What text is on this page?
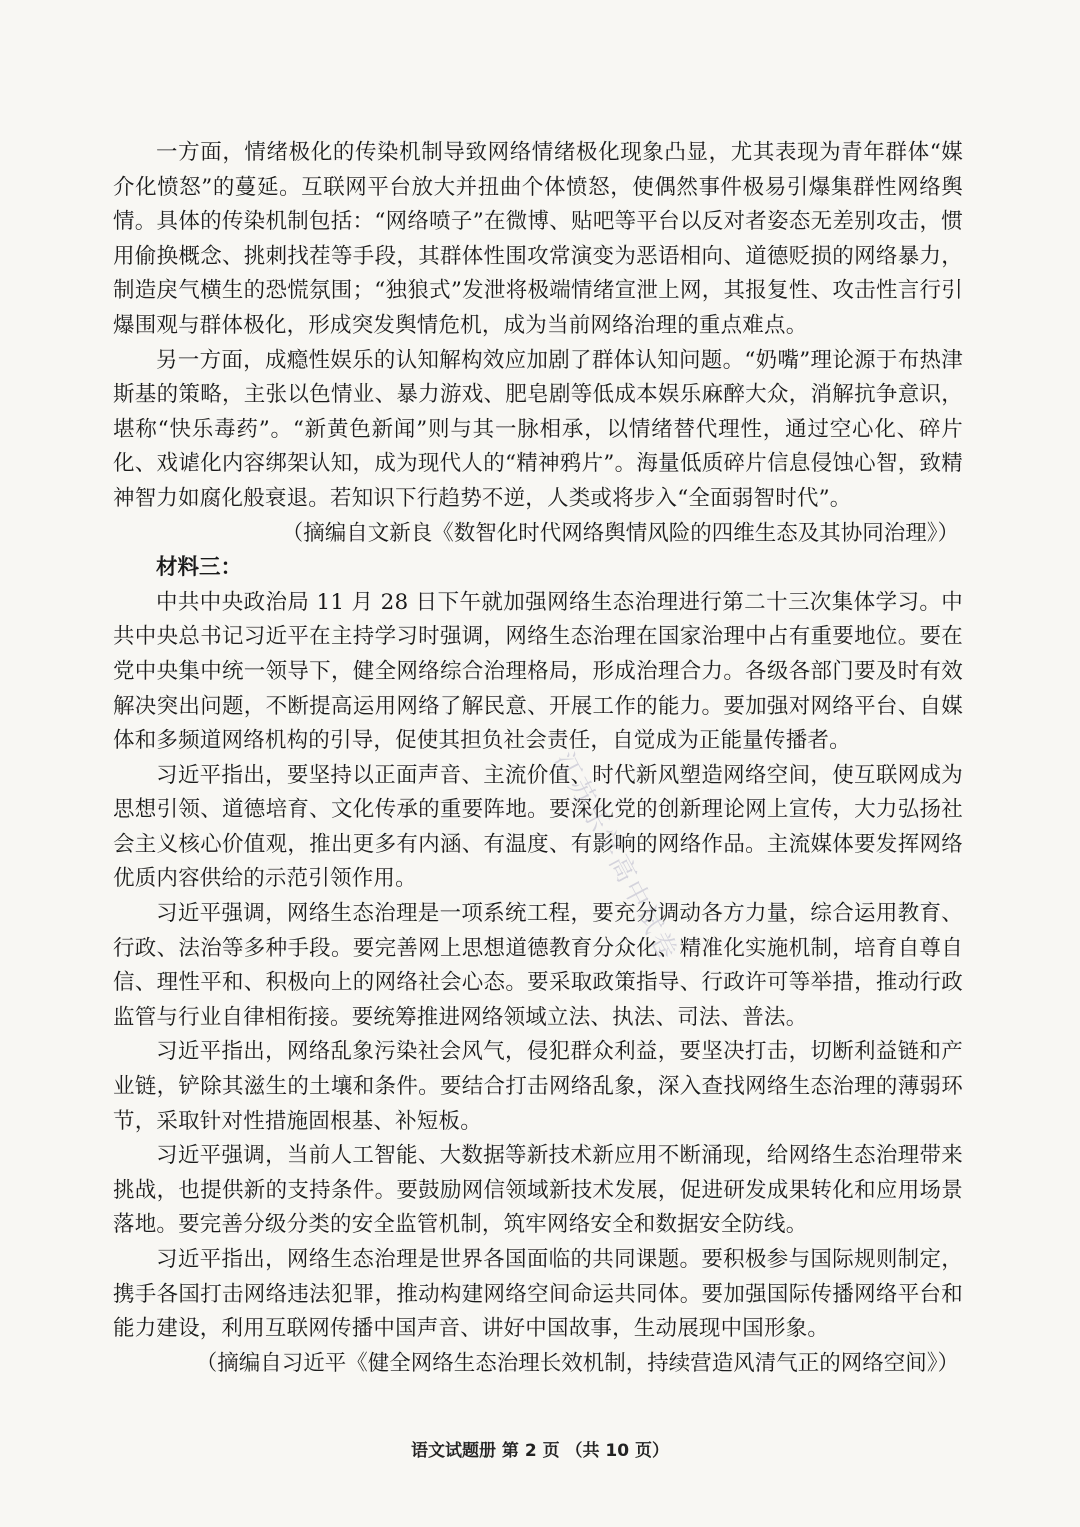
一方面，情绪极化的传染机制导致网络情绪极化现象凸显，尤其表现为青年群体“媒介化愤怒”的蔓延。互联网平台放大并扭曲个体愤怒，使偶然事件极易引爆集群性网络舆情。具体的传染机制包括：“网络喷子”在微博、贴吧等平台以反对者姿态无差别攻击，惯用偷换概念、挑刺找茬等手段，其群体性围攻常演变为恶语相向、道德贬损的网络暴力，制造戾气横生的恐慌氛围；“独狼式”发泄将极端情绪宣泄上网，其报复性、攻击性言行引爆围观与群体极化，形成突发舆情危机，成为当前网络治理的重点难点。

另一方面，成瘾性娱乐的认知解构效应加剧了群体认知问题。“奶嘴”理论源于布热津斯基的策略，主张以色情业、暴力游戏、肥皂剧等低成本娱乐麻醉大众，消解抗争意识，堪称“快乐毒药”。“新黄色新闻”则与其一脉相承，以情绪替代理性，通过空心化、碎片化、戏谑化内容绑架认知，成为现代人的“精神鸦片”。海量低质碎片信息侵蚀心智，致精神智力如腐化般衰退。若知识下行趋势不逆，人类或将步入“全面弱智时代”。

（摘编自文新良《数智化时代网络舆情风险的四维生态及其协同治理》）

材料三：

中共中央政治局 11 月 28 日下午就加强网络生态治理进行第二十三次集体学习。中共中央总书记习近平在主持学习时强调，网络生态治理在国家治理中占有重要地位。要在党中央集中统一领导下，健全网络综合治理格局，形成治理合力。各级各部门要及时有效解决突出问题，不断提高运用网络了解民意、开展工作的能力。要加强对网络平台、自媒体和多频道网络机构的引导，促使其担负社会责任，自觉成为正能量传播者。

习近平指出，要坚持以正面声音、主流价值、时代新风塑造网络空间，使互联网成为思想引领、道德培育、文化传承的重要阵地。要深化党的创新理论网上宣传，大力弘扬社会主义核心价值观，推出更多有内涵、有温度、有影响的网络作品。主流媒体要发挥网络优质内容供给的示范引领作用。

习近平强调，网络生态治理是一项系统工程，要充分调动各方力量，综合运用教育、行政、法治等多种手段。要完善网上思想道德教育分众化、精准化实施机制，培育自尊自信、理性平和、积极向上的网络社会心态。要采取政策指导、行政许可等举措，推动行政监管与行业自律相衔接。要统筹推进网络领域立法、执法、司法、普法。

习近平指出，网络乱象污染社会风气，侵犯群众利益，要坚决打击，切断利益链和产业链，铲除其滋生的土壤和条件。要结合打击网络乱象，深入查找网络生态治理的薄弱环节，采取针对性措施固根基、补短板。

习近平强调，当前人工智能、大数据等新技术新应用不断涌现，给网络生态治理带来挑战，也提供新的支持条件。要鼓励网信领域新技术发展，促进研发成果转化和应用场景落地。要完善分级分类的安全监管机制，筑牢网络安全和数据安全防线。

习近平指出，网络生态治理是世界各国面临的共同课题。要积极参与国际规则制定，携手各国打击网络违法犯罪，推动构建网络空间命运共同体。要加强国际传播网络平台和能力建设，利用互联网传播中国声音、讲好中国故事，生动展现中国形象。

（摘编自习近平《健全网络生态治理长效机制，持续营造风清气正的网络空间》）

江苏乐学高中试卷
语文试题册 第 2 页 （共 10 页）
